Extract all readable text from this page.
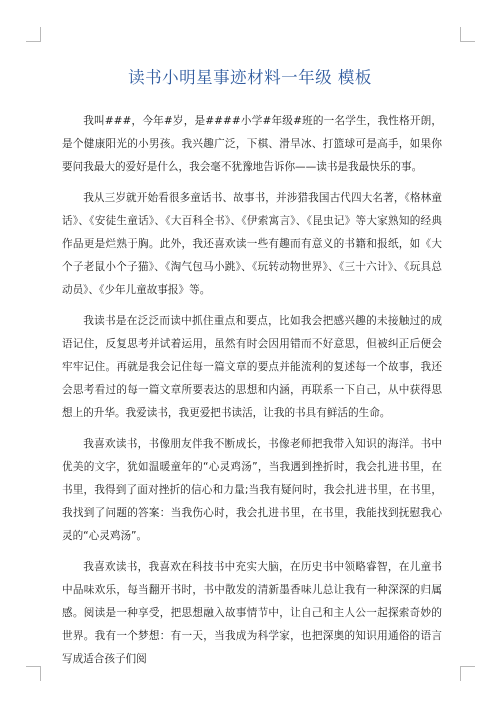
读书小明星事迹材料一年级 模板

我叫###，今年#岁，是####小学#年级#班的一名学生，我性格开朗，是个健康阳光的小男孩。我兴趣广泛，下棋、滑旱冰、打篮球可是高手，如果你要问我最大的爱好是什么，我会毫不犹豫地告诉你——读书是我最快乐的事。

我从三岁就开始看很多童话书、故事书，并涉猎我国古代四大名著，《格林童话》、《安徒生童话》、《大百科全书》、《伊索寓言》、《昆虫记》等大家熟知的经典作品更是烂熟于胸。此外，我还喜欢读一些有趣而有意义的书籍和报纸，如《大个子老鼠小个子猫》、《淘气包马小跳》、《玩转动物世界》、《三十六计》、《玩具总动员》、《少年儿童故事报》等。

我读书是在泛泛而读中抓住重点和要点，比如我会把感兴趣的未接触过的成语记住，反复思考并试着运用，虽然有时会因用错而不好意思，但被纠正后便会牢牢记住。再就是我会记住每一篇文章的要点并能流利的复述每一个故事，我还会思考看过的每一篇文章所要表达的思想和内涵，再联系一下自己，从中获得思想上的升华。我爱读书，我更爱把书读活，让我的书具有鲜活的生命。

我喜欢读书，书像朋友伴我不断成长，书像老师把我带入知识的海洋。书中优美的文字，犹如温暖童年的“心灵鸡汤”，当我遇到挫折时，我会扎进书里，在书里，我得到了面对挫折的信心和力量;当我有疑问时，我会扎进书里，在书里，我找到了问题的答案：当我伤心时，我会扎进书里，在书里，我能找到抚慰我心灵的“心灵鸡汤”。

我喜欢读书，我喜欢在科技书中充实大脑，在历史书中领略睿智，在儿童书中品味欢乐，每当翻开书时，书中散发的清新墨香味儿总让我有一种深深的归属感。阅读是一种享受，把思想融入故事情节中，让自己和主人公一起探索奇妙的世界。我有一个梦想：有一天，当我成为科学家，也把深奥的知识用通俗的语言写成适合孩子们阅
